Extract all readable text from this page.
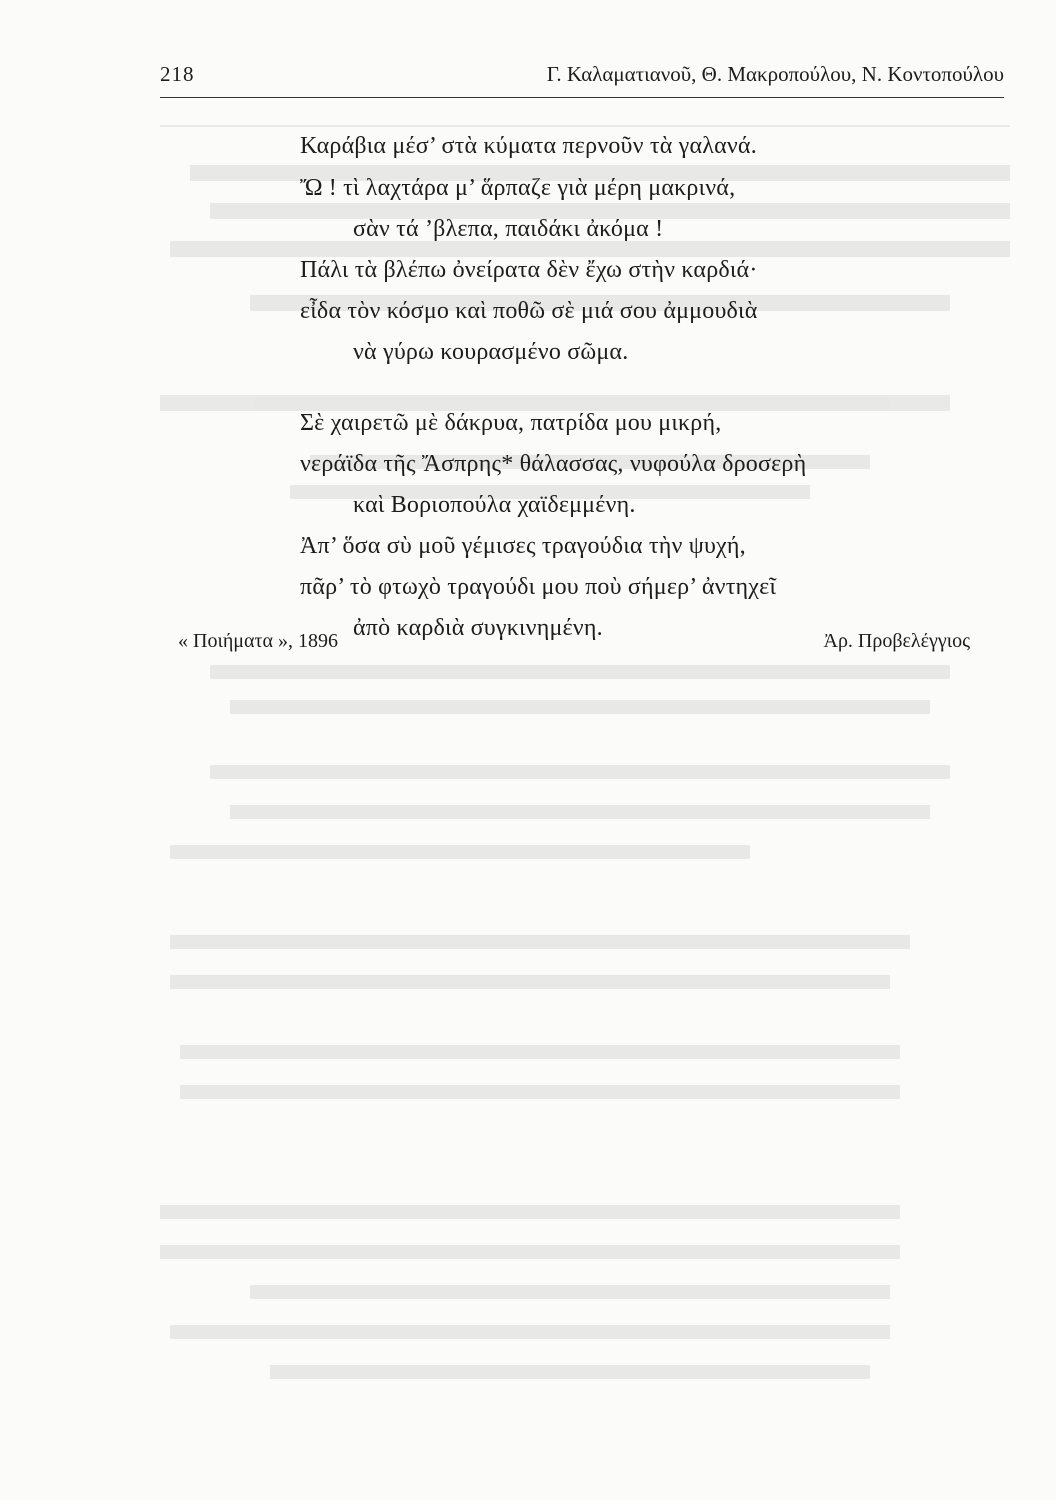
218	Γ. Καλαματιανοῦ, Θ. Μακροπούλου, Ν. Κοντοπούλου
Καράβια μέσ’ στὰ κύματα περνοῦν τὰ γαλανά.
Ὤ ! τὶ λαχτάρα μ’ ἅρπαζε γιὰ μέρη μακρινά,
σὰν τά ’βλεπα, παιδάκι ἀκόμα !
Πάλι τὰ βλέπω ὀνείρατα δὲν ἔχω στὴν καρδιά·
εἶδα τὸν κόσμο καὶ ποθῶ σὲ μιά σου ἀμμουδιὰ
νὰ γύρω κουρασμένο σῶμα.
Σὲ χαιρετῶ μὲ δάκρυα, πατρίδα μου μικρή,
νεράϊδα τῆς Ἄσπρης* θάλασσας, νυφούλα δροσερὴ
καὶ Βοριοπούλα χαϊδεμμένη.
Ἀπ’ ὅσα σὺ μοῦ γέμισες τραγούδια τὴν ψυχή,
πᾶρ’ τὸ φτωχὸ τραγούδι μου ποὺ σήμερ’ ἀντηχεῖ
ἀπὸ καρδιὰ συγκινημένη.
« Ποιήματα », 1896	Ἀρ. Προβελέγγιος
